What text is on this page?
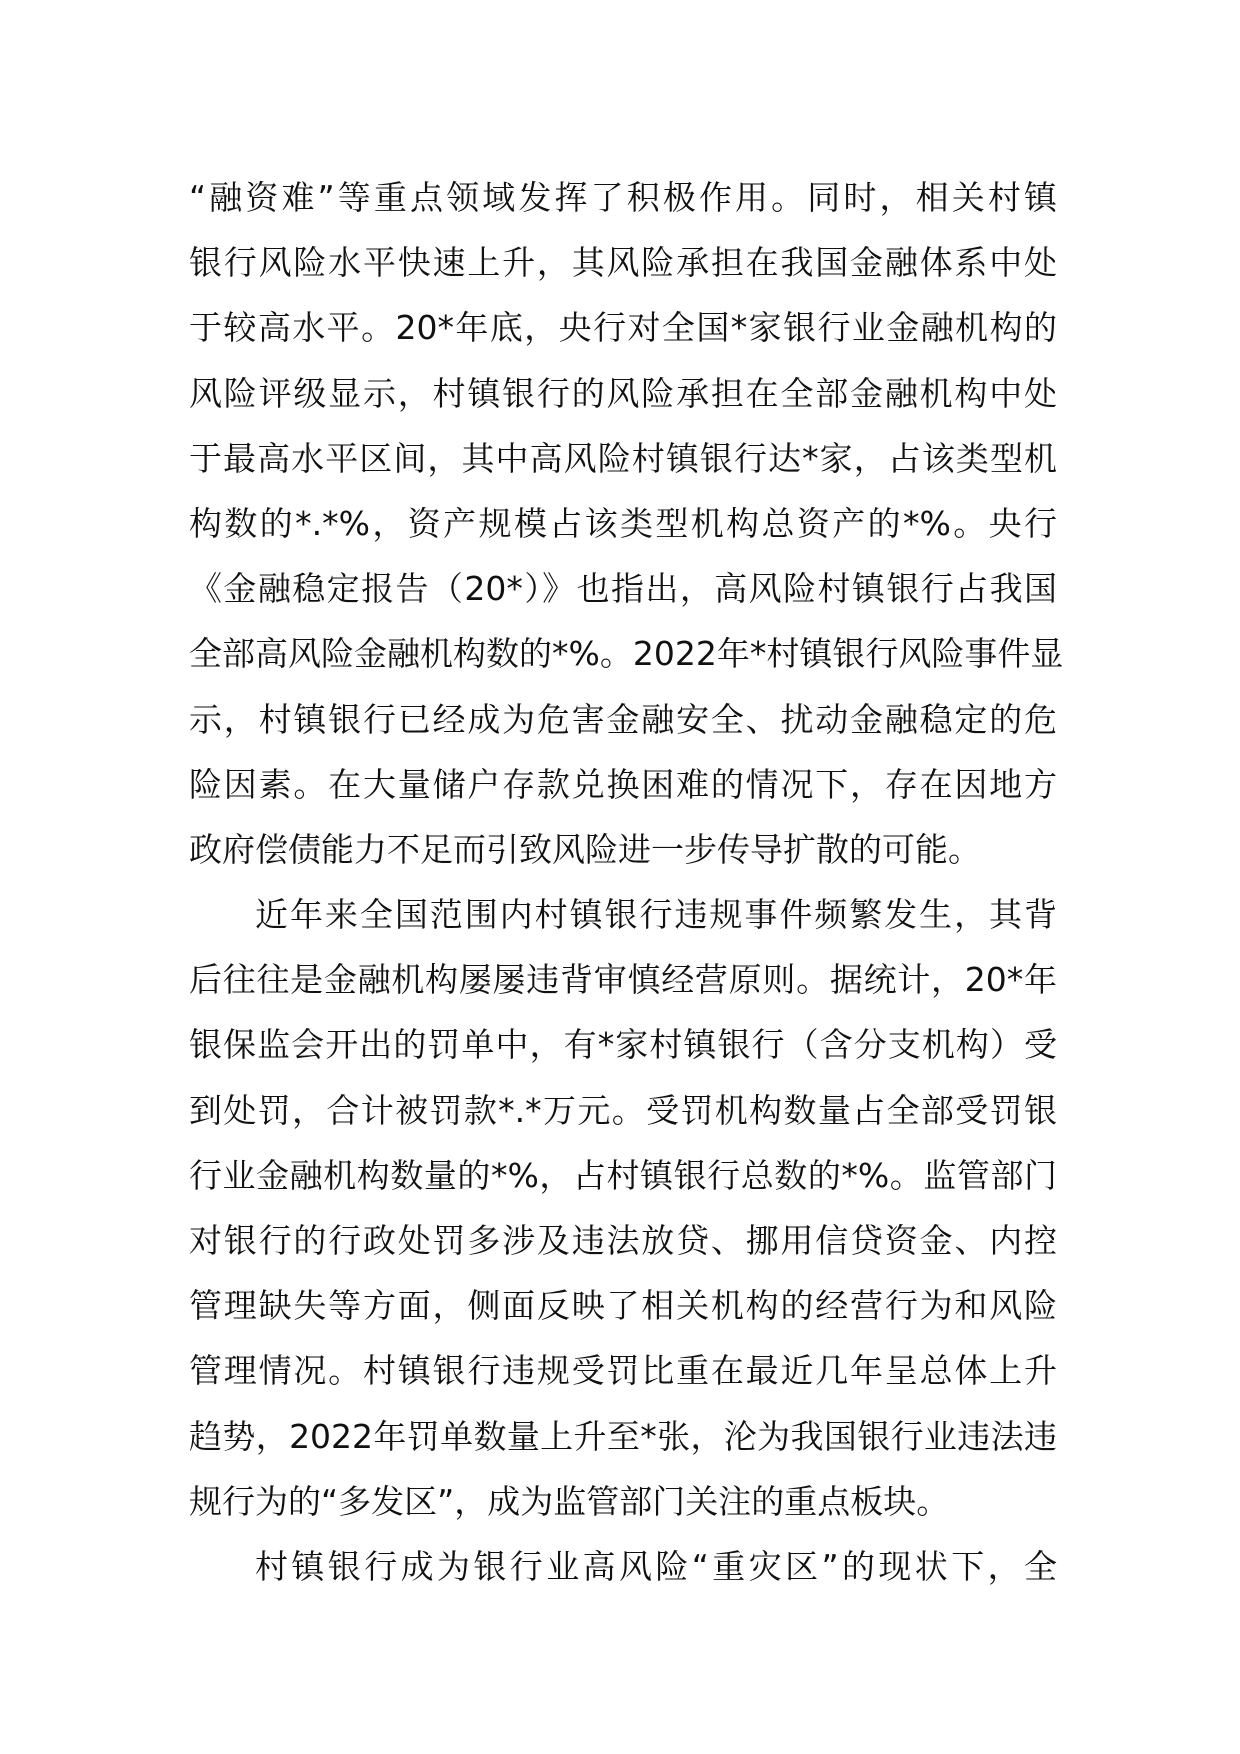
“融资难”等重点领域发挥了积极作用。同时，相关村镇
银行风险水平快速上升，其风险承担在我国金融体系中处
于较高水平。20*年底，央行对全国*家银行业金融机构的
风险评级显示，村镇银行的风险承担在全部金融机构中处
于最高水平区间，其中高风险村镇银行达*家，占该类型机
构数的*.*%，资产规模占该类型机构总资产的*%。央行
《金融稳定报告（20*）》也指出，高风险村镇银行占我国
全部高风险金融机构数的*%。2022年*村镇银行风险事件显
示，村镇银行已经成为危害金融安全、扰动金融稳定的危
险因素。在大量储户存款兑换困难的情况下，存在因地方
政府偿债能力不足而引致风险进一步传导扩散的可能。
近年来全国范围内村镇银行违规事件频繁发生，其背
后往往是金融机构屡屡违背审慎经营原则。据统计，20*年
银保监会开出的罚单中，有*家村镇银行（含分支机构）受
到处罚，合计被罚款*.*万元。受罚机构数量占全部受罚银
行业金融机构数量的*%，占村镇银行总数的*%。监管部门
对银行的行政处罚多涉及违法放贷、挪用信贷资金、内控
管理缺失等方面，侧面反映了相关机构的经营行为和风险
管理情况。村镇银行违规受罚比重在最近几年呈总体上升
趋势，2022年罚单数量上升至*张，沦为我国银行业违法违
规行为的“多发区”，成为监管部门关注的重点板块。
村镇银行成为银行业高风险“重灾区”的现状下，全
